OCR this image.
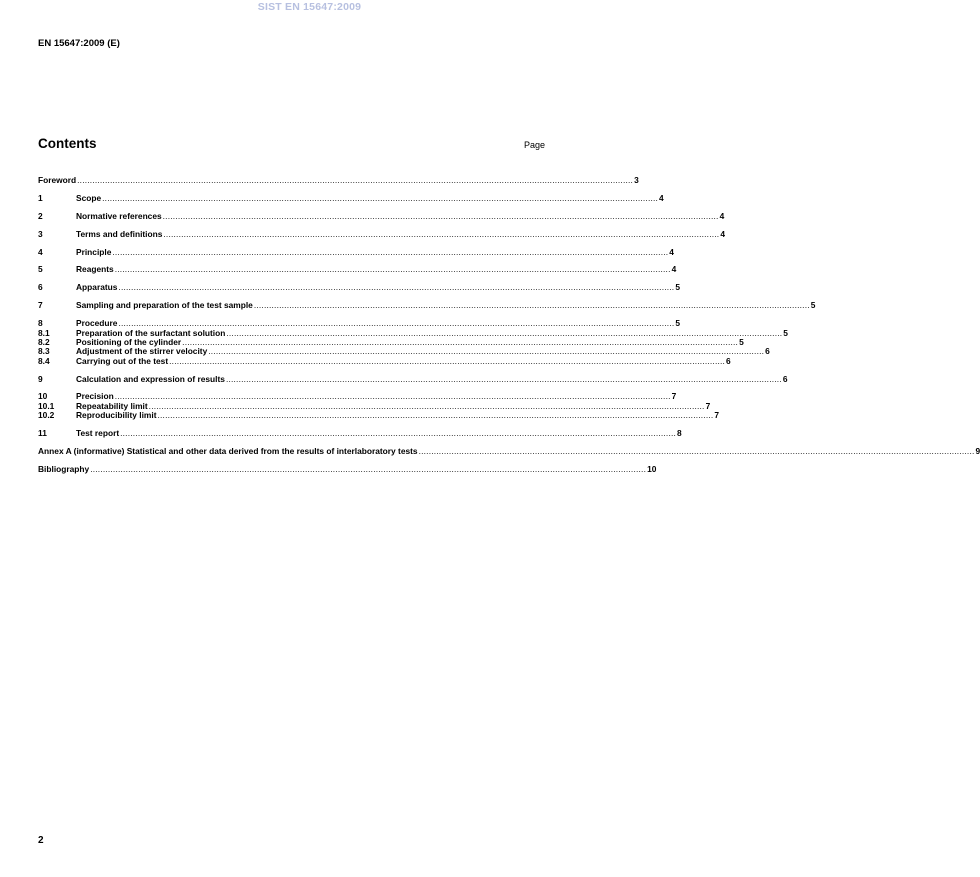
SIST EN 15647:2009
EN 15647:2009 (E)
Contents	Page
Foreword ............................................................................................................................................................................................................................ 3
1	Scope ............................................................................................................................................................................................................................ 4
2	Normative references ............................................................................................................................................................................................................................ 4
3	Terms and definitions ............................................................................................................................................................................................................................ 4
4	Principle ............................................................................................................................................................................................................................ 4
5	Reagents ............................................................................................................................................................................................................................ 4
6	Apparatus ............................................................................................................................................................................................................................ 5
7	Sampling and preparation of the test sample ............................................................................................................................................................................................................................ 5
8	Procedure ............................................................................................................................................................................................................................ 5
8.1	Preparation of the surfactant solution ............................................................................................................................................................................................................................ 5
8.2	Positioning of the cylinder ............................................................................................................................................................................................................................ 5
8.3	Adjustment of the stirrer velocity ............................................................................................................................................................................................................................ 6
8.4	Carrying out of the test ............................................................................................................................................................................................................................ 6
9	Calculation and expression of results ............................................................................................................................................................................................................................ 6
10	Precision ............................................................................................................................................................................................................................ 7
10.1	Repeatability limit ............................................................................................................................................................................................................................ 7
10.2	Reproducibility limit ............................................................................................................................................................................................................................ 7
11	Test report ............................................................................................................................................................................................................................ 8
Annex A (informative) Statistical and other data derived from the results of interlaboratory tests ............................................................................................................................................................................................................................ 9
Bibliography ............................................................................................................................................................................................................................ 10
2
